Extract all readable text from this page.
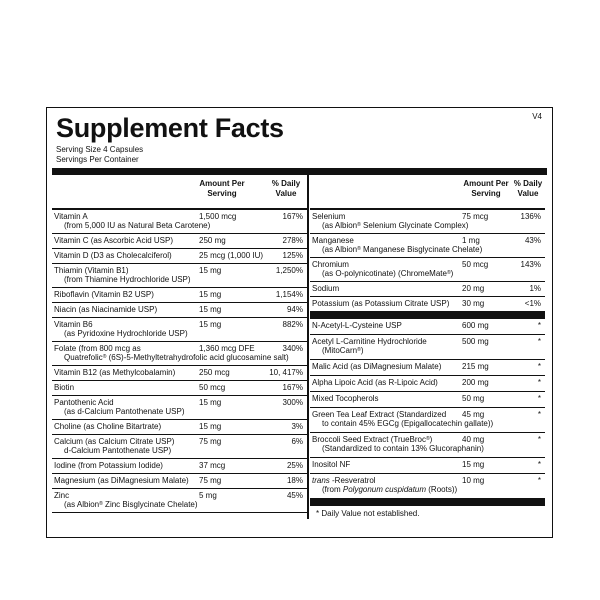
Supplement Facts	V4
Serving Size 4 Capsules
Servings Per Container
Amount Per
Serving
% Daily
Value
Vitamin A
(from 5,000 IU as Natural Beta Carotene)
1,500 mcg	167%
Vitamin C (as Ascorbic Acid USP)	250 mg	278%
Vitamin D (D3 as Cholecalciferol)	25 mcg (1,000 IU) 125%
Thiamin (Vitamin B1)
(from Thiamine Hydrochloride USP)
15 mg	1,250%
Riboflavin (Vitamin B2 USP)	15 mg	1,154%
Niacin (as Niacinamide USP)	15 mg	94%
Vitamin B6
(as Pyridoxine Hydrochloride USP)
15 mg	882%
Folate (from 800 mcg as
Quatrefolic® (6S)-5-Methyltetrahydrofolic acid glucosamine salt)
1,360 mcg DFE	340%
Vitamin B12 (as Methylcobalamin)	250 mcg	10, 417%
Biotin	50 mcg	167%
Pantothenic Acid
(as d-Calcium Pantothenate USP)
15 mg	300%
Choline (as Choline Bitartrate)	15 mg	3%
Calcium (as Calcium Citrate USP)
d-Calcium Pantothenate USP)
75 mg	6%
Iodine (from Potassium Iodide)	37 mcg	25%
Magnesium (as DiMagnesium Malate) 75 mg	18%
Zinc
(as Albion® Zinc Bisglycinate Chelate)
5 mg	45%
Amount Per
Serving
% Daily
Value
Selenium
(as Albion® Selenium Glycinate Complex)
75 mcg	136%
Manganese
(as Albion® Manganese Bisglycinate Chelate)
1 mg	43%
Chromium
(as O-polynicotinate) (ChromeMate®)
50 mcg	143%
Sodium	20 mg	1%
Potassium (as Potassium Citrate USP) 30 mg	<1%
N-Acetyl-L-Cysteine USP	600 mg	*
Acetyl L-Carnitine Hydrochloride
(MitoCarn®)
500 mg	*
Malic Acid (as DiMagnesium Malate)	215 mg	*
Alpha Lipoic Acid (as R-Lipoic Acid)	200 mg	*
Mixed Tocopherols	50 mg	*
Green Tea Leaf Extract (Standardized
to contain 45% EGCg (Epigallocatechin gallate))
45 mg	*
Broccoli Seed Extract (TrueBroc®)
(Standardized to contain 13% Glucoraphanin)
40 mg	*
Inositol NF	15 mg	*
trans -Resveratrol
(from Polygonum cuspidatum (Roots))
10 mg	*
* Daily Value not established.
